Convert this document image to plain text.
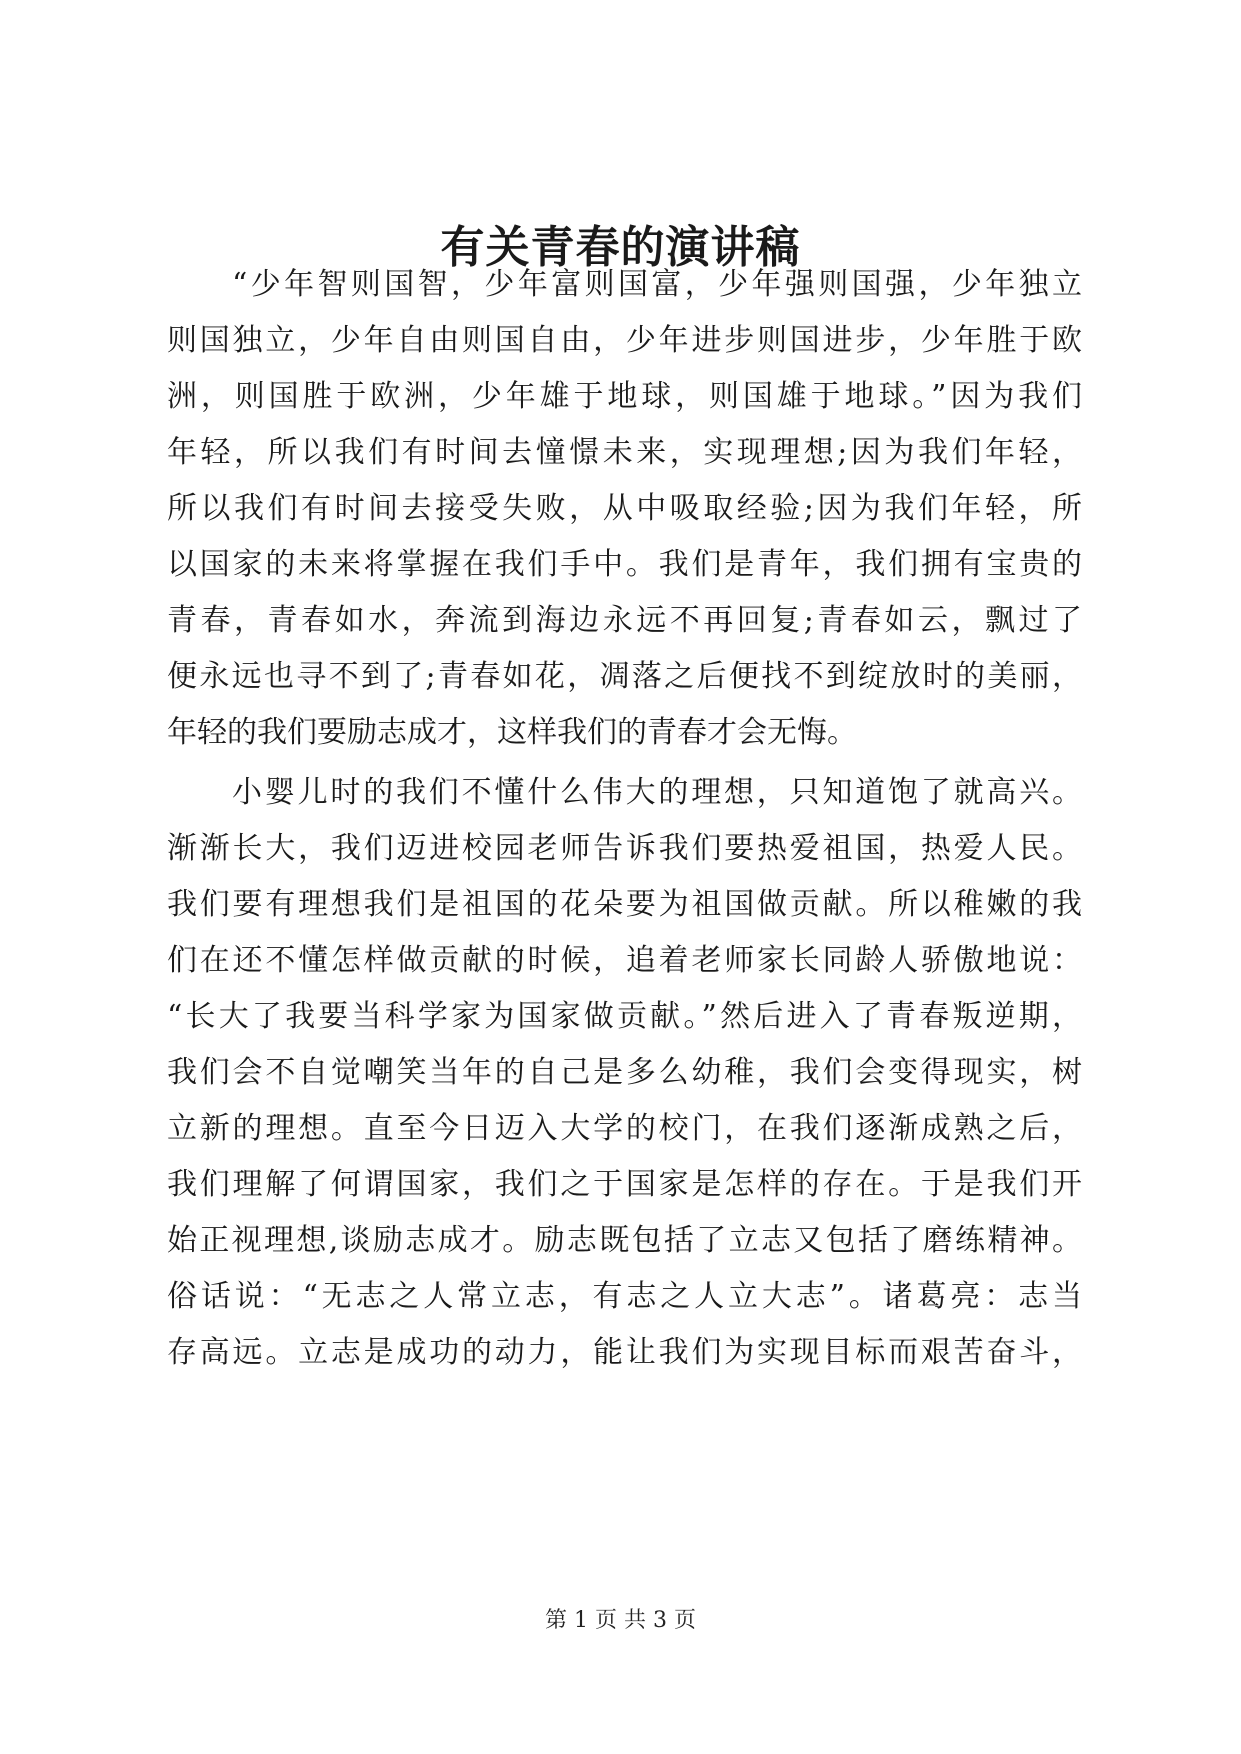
有关青春的演讲稿

“少年智则国智，少年富则国富，少年强则国强，少年独立

则国独立，少年自由则国自由，少年进步则国进步，少年胜于欧

洲，则国胜于欧洲，少年雄于地球，则国雄于地球。”因为我们

年轻，所以我们有时间去憧憬未来，实现理想;因为我们年轻，

所以我们有时间去接受失败，从中吸取经验;因为我们年轻，所

以国家的未来将掌握在我们手中。我们是青年，我们拥有宝贵的

青春，青春如水，奔流到海边永远不再回复;青春如云，飘过了

便永远也寻不到了;青春如花，凋落之后便找不到绽放时的美丽，

年轻的我们要励志成才，这样我们的青春才会无悔。

小婴儿时的我们不懂什么伟大的理想，只知道饱了就高兴。

渐渐长大，我们迈进校园老师告诉我们要热爱祖国，热爱人民。

我们要有理想我们是祖国的花朵要为祖国做贡献。所以稚嫩的我

们在还不懂怎样做贡献的时候，追着老师家长同龄人骄傲地说：

“长大了我要当科学家为国家做贡献。”然后进入了青春叛逆期，

我们会不自觉嘲笑当年的自己是多么幼稚，我们会变得现实，树

立新的理想。直至今日迈入大学的校门，在我们逐渐成熟之后，

我们理解了何谓国家，我们之于国家是怎样的存在。于是我们开

始正视理想,谈励志成才。励志既包括了立志又包括了磨练精神。

俗话说：“无志之人常立志，有志之人立大志”。诸葛亮：志当

存高远。立志是成功的动力，能让我们为实现目标而艰苦奋斗，

第 1 页 共 3 页
